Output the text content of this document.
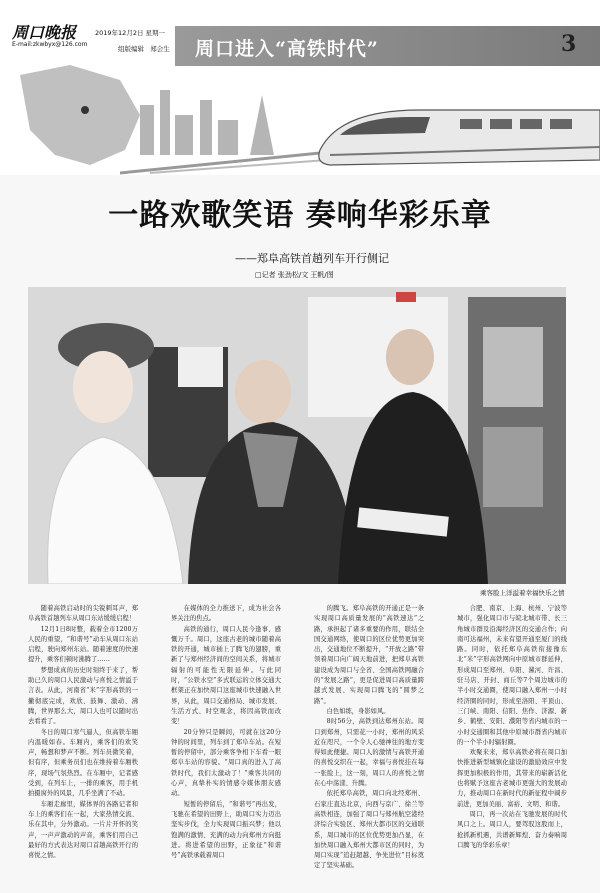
周口晚报
E-mail:zkwbyx@126.com
2019年12月2日 星期一
组版编辑 郑会生 周口进入“高铁时代”	3
一路欢歌笑语 奏响华彩乐章
——郑阜高铁首趟列车开行侧记
□记者 张劲松/文 王帆/图
乘客脸上洋溢着幸福快乐之情

随着高铁启动时的尖锐刺耳声，郑阜高铁首趟列车从周口东站缓缓启程！

12月1日8时整，载着全市1200万人民的重望，“和谐号”动车从周口东站启程，驶向郑州东站。随着速度的快速提升，乘客们顿时沸腾了……

梦想成真的历史时刻终于来了，帮助已久的周口人民激动与喜悦之情溢于言表。从此，河南省“米”字形高铁的一撇彻底完成，欢欣、鼓舞、激动、沸腾，世界那么大，周口人也可以随时出去看看了。

冬日的周口寒气逼人，但高铁车厢内温暖如春。车厢内，乘客们的欢笑声，畅想和梦声不断。列车员微笑着，但有序，但乘务员们也在维持着车厢秩序，现场气氛热烈。在车厢中，记者感受到，在列车上，一排的乘客，用手机拍摄窗外的风景，几乎坐满了不动。

车厢走廊里，媒体界的各路记者和车上的乘客们在一起，大家热情交流、乐在其中，分外激动。一片片开怀的笑声，一声声激动的声音，乘客们用自己最好的方式表达对周口首趟高铁开行的喜悦之情。

在媒体的全力推送下，成为社会各界关注的焦点。

高铁的通行，周口人民今逢事、感慨万千。周口，这座古老的城市随着高铁的开通，城市插上了腾飞的翅膀，重新了与郑州经济间的空间关系，将城市辐射的可能性无限延伸。与此同时，“公铁水空”多式联运的立体交通大框架正在加快周口这座城市快速融入世界，从此，周口交通格局、城市发展、生活方式、时空观念，将因高铁而改变！

20分钟只是瞬间，可就在这20分钟的时间里，列车到了郑阜车站。在短暂的停留中，部分乘客争相下车看一眼郑阜车站的容貌。“周口真的进入了高铁时代，我们太激动了！”乘客共同的心声，真挚朴实的情感令媒体朋友感动。

短暂的停留后，“和谐号”再出发，飞驰在希望的田野上，助周口实力迈出坚实步伐，全力实现周口振兴梦；他以饱满的激情、充满的动力向郑州方向挺进。将进希望的田野，正象征“和谐号”高铁承载着周口

的腾飞。郑阜高铁的开通正是一条实现周口高质量发展的“高铁速达”之路，承担起了诸多重要的作用，联结全国交通网络，使周口的区位优势更加突出，交通地位不断提升，“开放之路”带领着周口向广阔天地前进，把郑阜高铁建设成为周口与全省、全国高铁网融合的“发展之路”，更是促进周口高质量跨越式发展、实现周口腾飞的“圆梦之路”。

白色如练，身影如风。

8时56分，高铁到达郑州东站。周口到郑州，只需花一小时，郑州的风采近在咫尺，一个令人心驰神往的地方变得如此便捷。周口人的激情与高铁开通的喜悦交织在一起，幸福与喜悦挂在每一张脸上，这一刻，周口人的喜悦之情在心中荡漾、升腾。

依托郑阜高铁，周口向北经郑州、石家庄直达北京，向西与京广、徐兰等高铁相连，加强了周口与郑州航空港经济综合实验区、郑州大都市区的交通联系，周口城市的区位优势更加凸显，在加快周口融入郑州大都市区的同时，为周口实现“追赶超越、争先进位”目标奠定了坚实基础。

合肥、南京、上海、杭州、宁波等城市，强化周口市与皖北城市带、长三角城市群及沿海经济区的交通合作；向南可达福州，未来有望开通至厦门的线路。同时，依托郑阜高铁衔接豫东北“米”字形高铁网向中原城市群延伸，形成周口至郑州、阜阳、漯河、许昌、驻马店、开封、商丘等7个周边城市的半小时交通圈，使周口融入郑州一小时经济圈的同时，形成至洛阳、平顶山、三门峡、南阳、信阳、焦作、济源、新乡、鹤壁、安阳、濮阳等省内城市的一小时交通圈和其他中原城市群省内城市的一个半小时辐射圈。

欢聚来来，郑阜高铁必将在周口加快推进新型城镇化建设的激励效应中发挥更加积极的作用，其带来的崭新活化也将赋予这座古老城市更强大的发展动力，推动周口在新时代的新征程中阔步前进，更加美丽、富裕、文明、和谐。

周口，再一次站在飞驰发展的时代风口之上。周口人，要驾驭这股而上，抢抓新机遇，共谱新辉煌、奋力奏响周口腾飞的华彩乐章！
